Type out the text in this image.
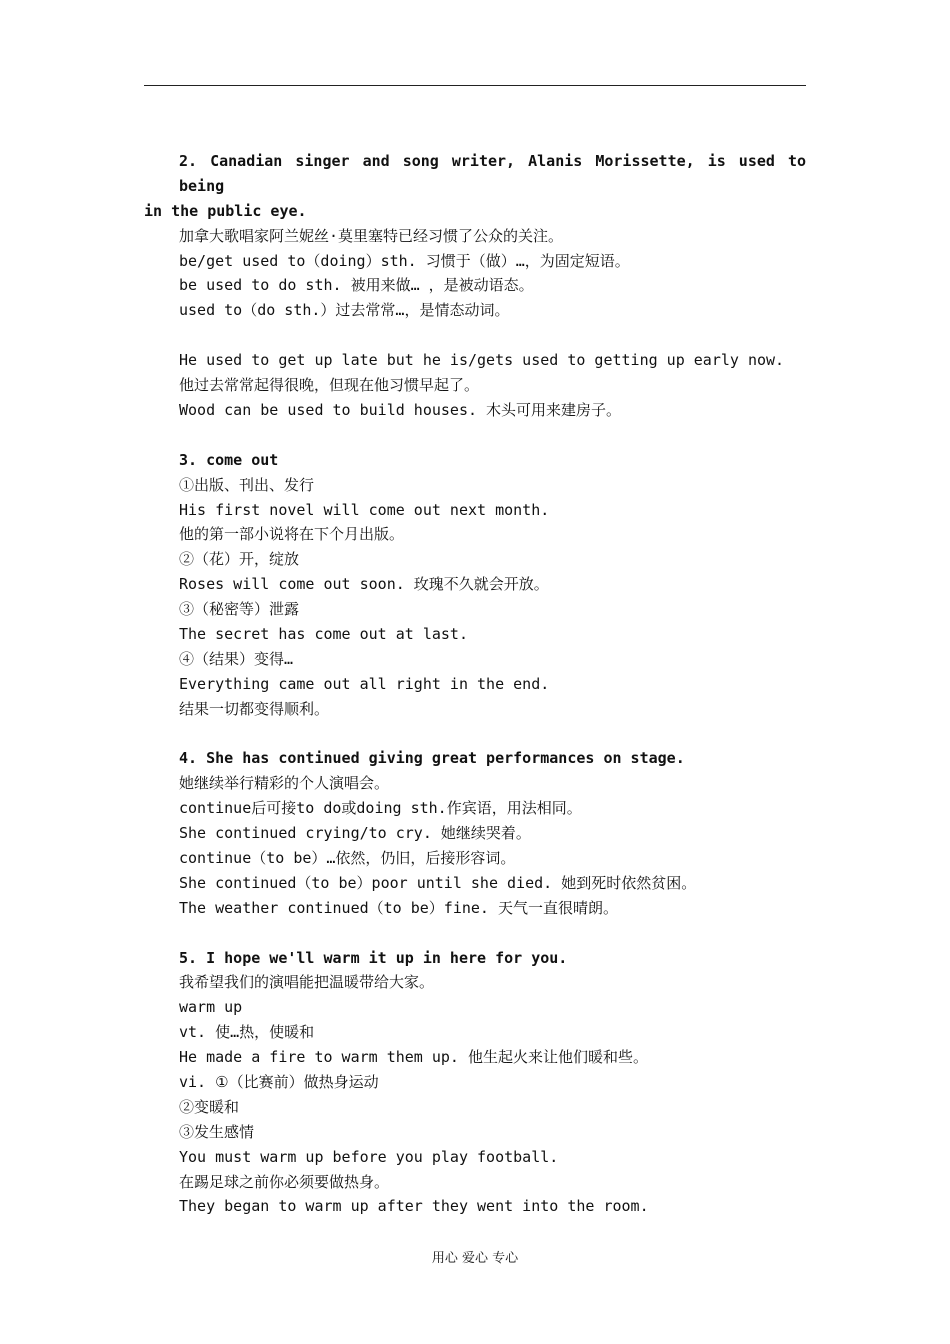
2. Canadian singer and song writer, Alanis Morissette, is used to being
in the public eye.
加拿大歌唱家阿兰妮丝·莫里塞特已经习惯了公众的关注。
be/get used to（doing）sth. 习惯于（做）…，为固定短语。
be used to do sth. 被用来做… ，是被动语态。
used to（do sth.）过去常常…，是情态动词。
He used to get up late but he is/gets used to getting up early now.
他过去常常起得很晚，但现在他习惯早起了。
Wood can be used to build houses. 木头可用来建房子。
3. come out
①出版、刊出、发行
His first novel will come out next month.
他的第一部小说将在下个月出版。
②（花）开，绽放
Roses will come out soon. 玫瑰不久就会开放。
③（秘密等）泄露
The secret has come out at last.
④（结果）变得…
Everything came out all right in the end.
结果一切都变得顺利。
4. She has continued giving great performances on stage.
她继续举行精彩的个人演唱会。
continue后可接to do或doing sth.作宾语，用法相同。
She continued crying/to cry. 她继续哭着。
continue（to be）…依然，仍旧，后接形容词。
She continued（to be）poor until she died. 她到死时依然贫困。
The weather continued（to be）fine. 天气一直很晴朗。
5. I hope we'll warm it up in here for you.
我希望我们的演唱能把温暖带给大家。
warm up
vt. 使…热，使暖和
He made a fire to warm them up. 他生起火来让他们暖和些。
vi. ①（比赛前）做热身运动
②变暖和
③发生感情
You must warm up before you play football.
在踢足球之前你必须要做热身。
They began to warm up after they went into the room.
用心 爱心 专心
